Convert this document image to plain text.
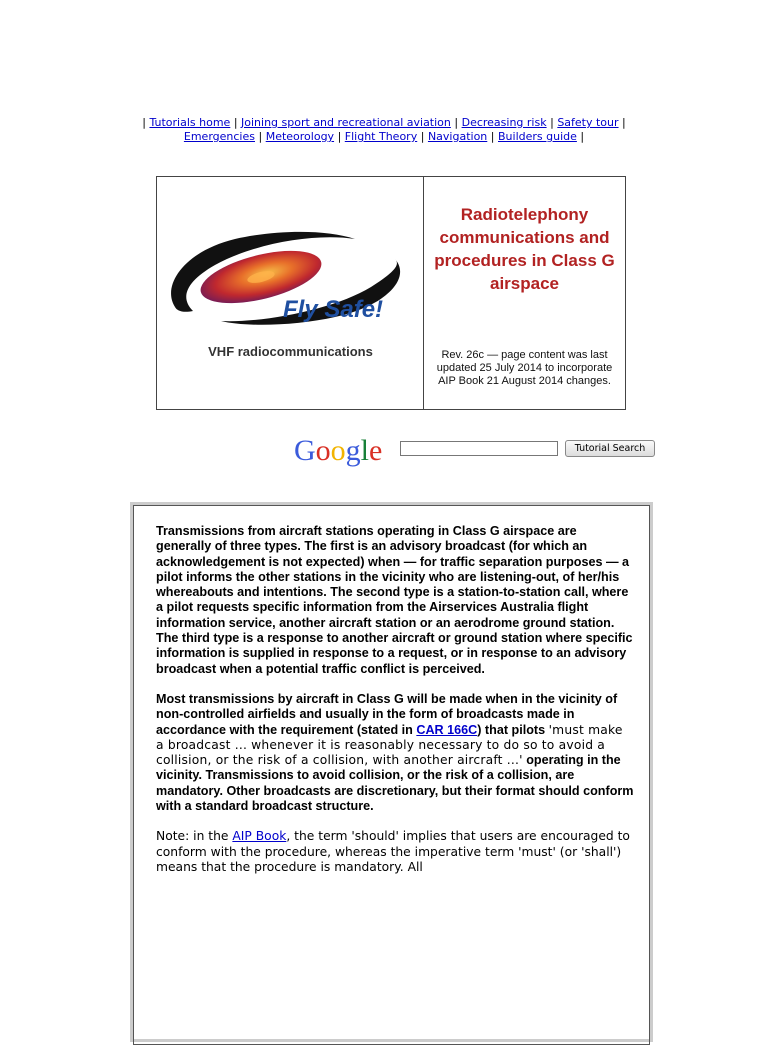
| Tutorials home | Joining sport and recreational aviation | Decreasing risk | Safety tour |
Emergencies | Meteorology | Flight Theory | Navigation | Builders guide |
Fly Safe!
VHF radiocommunications
Radiotelephony communications and procedures in Class G airspace
Rev. 26c — page content was last updated 25 July 2014 to incorporate AIP Book 21 August 2014 changes.
Google	Tutorial Search

Transmissions from aircraft stations operating in Class G airspace are generally of three types. The first is an advisory broadcast (for which an acknowledgement is not expected) when — for traffic separation purposes — a pilot informs the other stations in the vicinity who are listening-out, of her/his whereabouts and intentions. The second type is a station-to-station call, where a pilot requests specific information from the Airservices Australia flight information service, another aircraft station or an aerodrome ground station. The third type is a response to another aircraft or ground station where specific information is supplied in response to a request, or in response to an advisory broadcast when a potential traffic conflict is perceived.

Most transmissions by aircraft in Class G will be made when in the vicinity of non-controlled airfields and usually in the form of broadcasts made in accordance with the requirement (stated in CAR 166C) that pilots 'must make a broadcast ... whenever it is reasonably necessary to do so to avoid a collision, or the risk of a collision, with another aircraft ...' operating in the vicinity. Transmissions to avoid collision, or the risk of a collision, are mandatory. Other broadcasts are discretionary, but their format should conform with a standard broadcast structure.

Note: in the AIP Book, the term 'should' implies that users are encouraged to conform with the procedure, whereas the imperative term 'must' (or 'shall') means that the procedure is mandatory. All
